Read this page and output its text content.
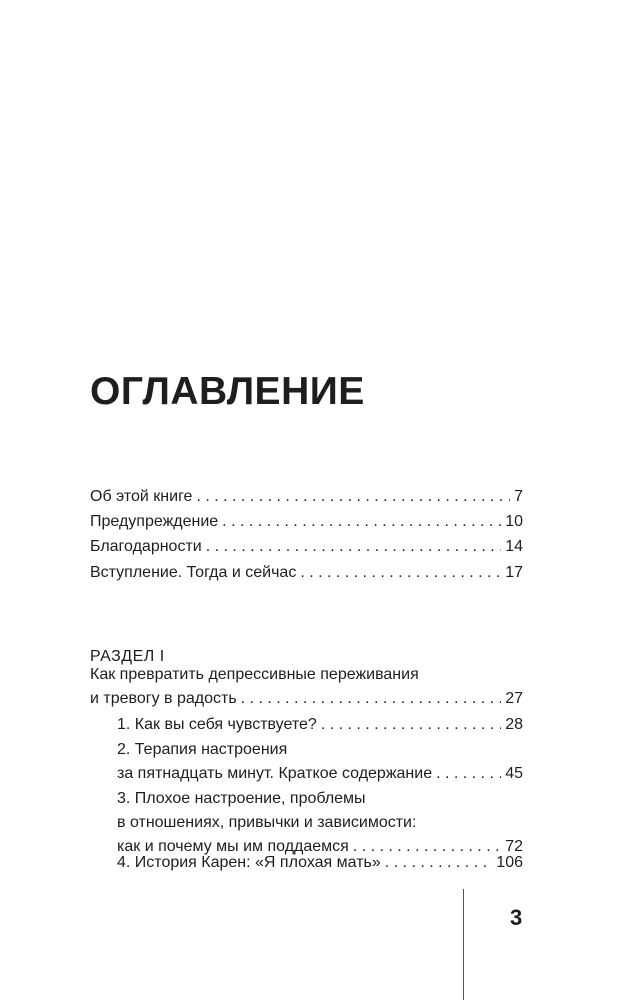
ОГЛАВЛЕНИЕ
Об этой книге . . .	7
Предупреждение . . .	10
Благодарности . . .	14
Вступление. Тогда и сейчас . . .	17
РАЗДЕЛ I
Как превратить депрессивные переживания
и тревогу в радость . . .	27
1. Как вы себя чувствуете? . . .	28
2. Терапия настроения
за пятнадцать минут. Краткое содержание . . .	45
3. Плохое настроение, проблемы
в отношениях, привычки и зависимости:
как и почему мы им поддаемся . . .	72
4. История Карен: «Я плохая мать» . . .	106
3
